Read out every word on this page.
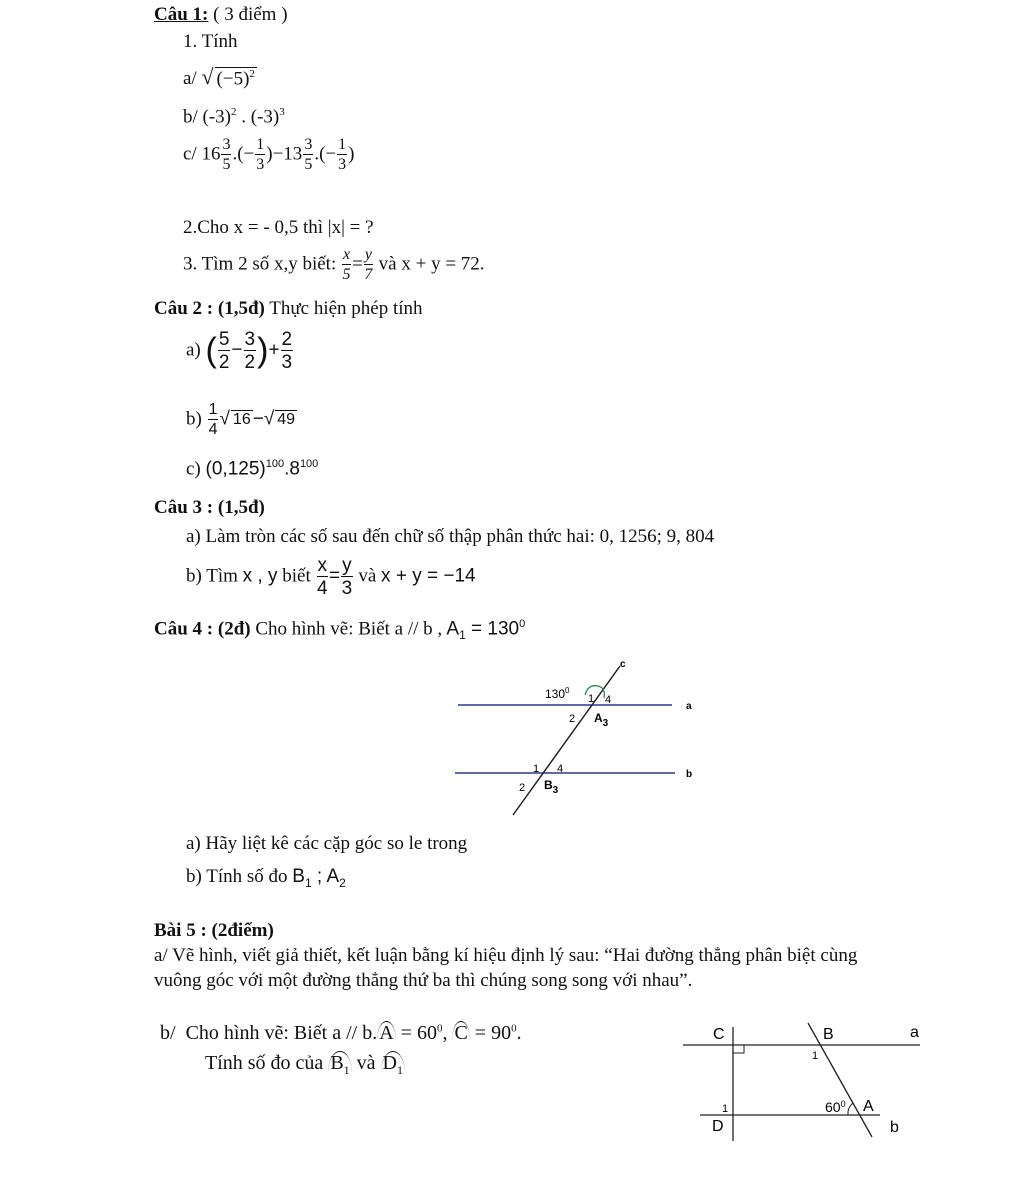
Câu 1: ( 3 điểm )
1. Tính
a/ √ $(-5)^2$
b/ $(-3)^2$ . $(-3)^3$
c/ $16 \frac{3}{5}$ .(− $\frac{1}{3} )-13 \frac{3}{5}$ .(− $\frac{1}{3}$ )
2.Cho x = - 0,5 thì |x| = ?
3. Tìm 2 số x,y biết: $\frac{x}{5} = \frac{y}{7}$ và x + y = 72.
Câu 2 : (1,5đ) Thực hiện phép tính
a) ( $\frac{5}{2} - \frac{3}{2}$ )+ $\frac{2}{3}$
$b) \frac{1}{4}$ √ 16 −√ 49
c) $(0,125)^{100}.8^{100}$
Câu 3 : (1,5đ)
a) Làm tròn các số sau đến chữ số thập phân thức hai: 0, 1256; 9, 804
b) Tìm x , y biết $\frac{x}{4} = \frac{y}{3}$ và x + y = −14
Câu 4 : (2đ) Cho hình vẽ: Biết a // b , $A_1 = 130^0$
c
a
b
$130^0$
1 4
2 $A_3$
1 4
2 $B_3$
a) Hãy liệt kê các cặp góc so le trong
b) Tính số đo $B_1$ ; $A_2$
Bài 5 : (2điểm)
a/ Vẽ hình, viết giả thiết, kết luận bằng kí hiệu định lý sau: “Hai đường thẳng phân biệt cùng
vuông góc với một đường thẳng thứ ba thì chúng song song với nhau”.
b/ Cho hình vẽ: Biết a // b. $A = 60^0$, $C = 90^0$.
Tính số đo của $B_1$ và $D_1$
C	B	a
1
1	$60^0$ A
D	b
